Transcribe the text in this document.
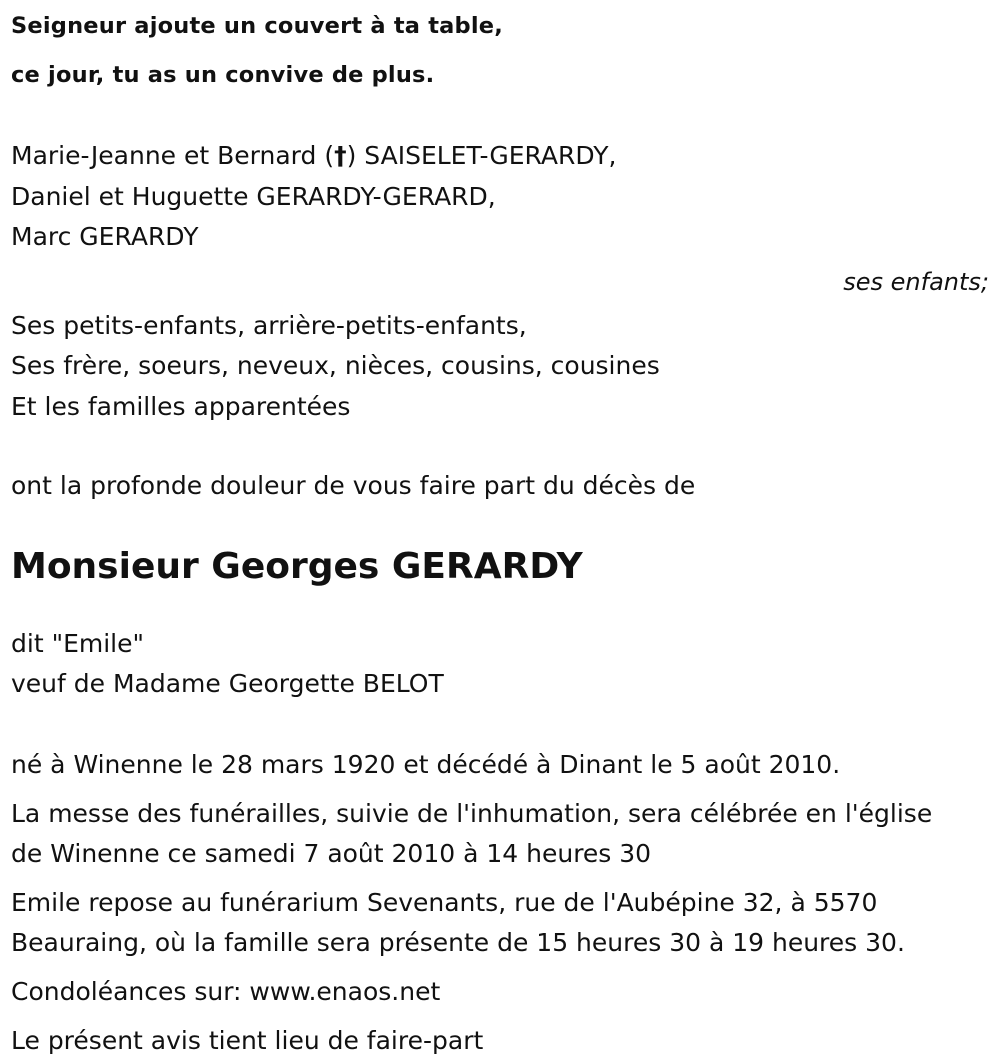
Seigneur ajoute un couvert à ta table,
ce jour, tu as un convive de plus.
Marie-Jeanne et Bernard (†) SAISELET-GERARDY,
Daniel et Huguette GERARDY-GERARD,
Marc GERARDY
ses enfants;
Ses petits-enfants, arrière-petits-enfants,
Ses frère, soeurs, neveux, nièces, cousins, cousines
Et les familles apparentées
ont la profonde douleur de vous faire part du décès de
Monsieur Georges GERARDY
dit "Emile"
veuf de Madame Georgette BELOT
né à Winenne le 28 mars 1920 et décédé à Dinant le 5 août 2010.
La messe des funérailles, suivie de l'inhumation, sera célébrée en l'église
de Winenne ce samedi 7 août 2010 à 14 heures 30
Emile repose au funérarium Sevenants, rue de l'Aubépine 32, à 5570
Beauraing, où la famille sera présente de 15 heures 30 à 19 heures 30.
Condoléances sur: www.enaos.net
Le présent avis tient lieu de faire-part
